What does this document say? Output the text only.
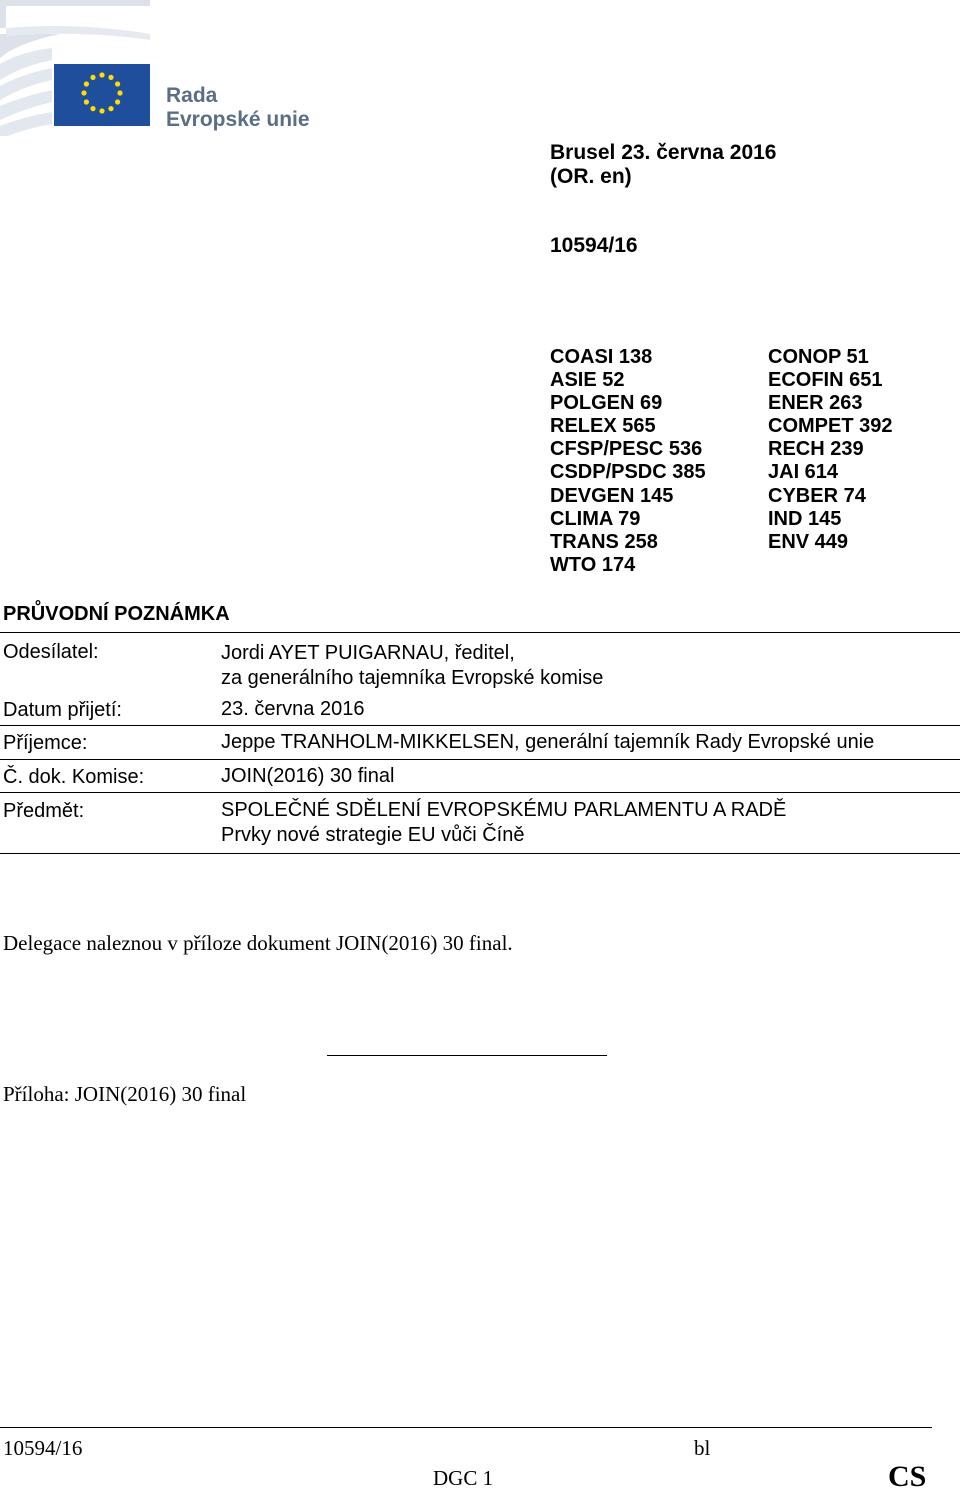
Rada
Evropské unie
Brusel 23. června 2016
(OR. en)
10594/16
COASI 138
ASIE 52
POLGEN 69
RELEX 565
CFSP/PESC 536
CSDP/PSDC 385
DEVGEN 145
CLIMA 79
TRANS 258
WTO 174
CONOP 51
ECOFIN 651
ENER 263
COMPET 392
RECH 239
JAI 614
CYBER 74
IND 145
ENV 449
PRŮVODNÍ POZNÁMKA
Odesílatel:	Jordi AYET PUIGARNAU, ředitel,
za generálního tajemníka Evropské komise
Datum přijetí:	23. června 2016
Příjemce:	Jeppe TRANHOLM-MIKKELSEN, generální tajemník Rady Evropské unie
Č. dok. Komise:	JOIN(2016) 30 final
Předmět:	SPOLEČNÉ SDĚLENÍ EVROPSKÉMU PARLAMENTU A RADĚ
Prvky nové strategie EU vůči Číně
Delegace naleznou v příloze dokument JOIN(2016) 30 final.
Příloha: JOIN(2016) 30 final
10594/16	bl
DGC 1	CS
